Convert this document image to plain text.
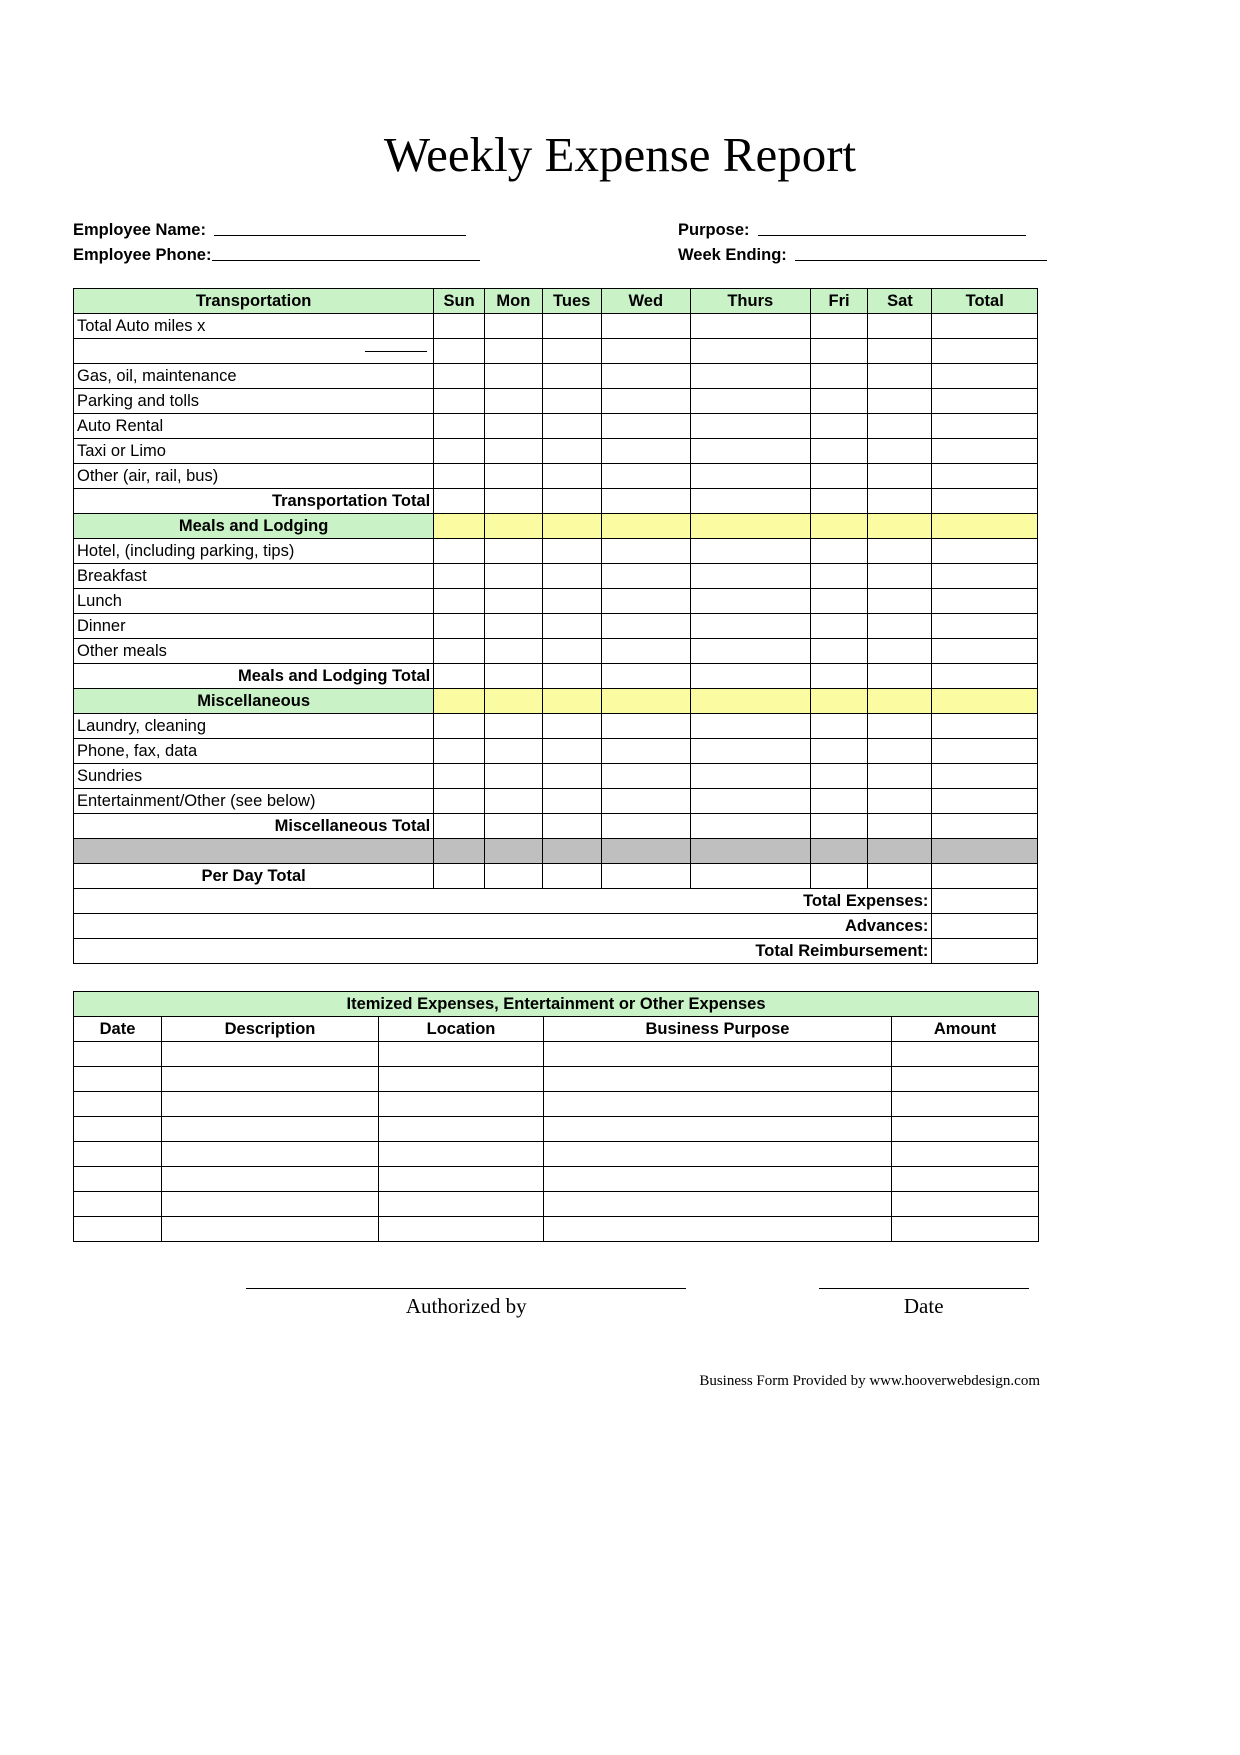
Weekly Expense Report
Employee Name:	Purpose:
Employee Phone:	Week Ending:
Transportation	Sun	Mon	Tues	Wed	Thurs	Fri	Sat	Total
Total Auto miles x								

Gas, oil, maintenance								
Parking and tolls								
Auto Rental								
Taxi or Limo								
Other (air, rail, bus)								
Transportation Total								
Meals and Lodging								
Hotel, (including parking, tips)								
Breakfast								
Lunch								
Dinner								
Other meals								
Meals and Lodging Total								
Miscellaneous								
Laundry, cleaning								
Phone, fax, data								
Sundries								
Entertainment/Other (see below)								
Miscellaneous Total								

Per Day Total								
Total Expenses:								
Advances:								
Total Reimbursement:								
Itemized Expenses, Entertainment or Other Expenses				
Date	Description	Location	Business Purpose	Amount

Authorized by	Date
Business Form Provided by www.hooverwebdesign.com
